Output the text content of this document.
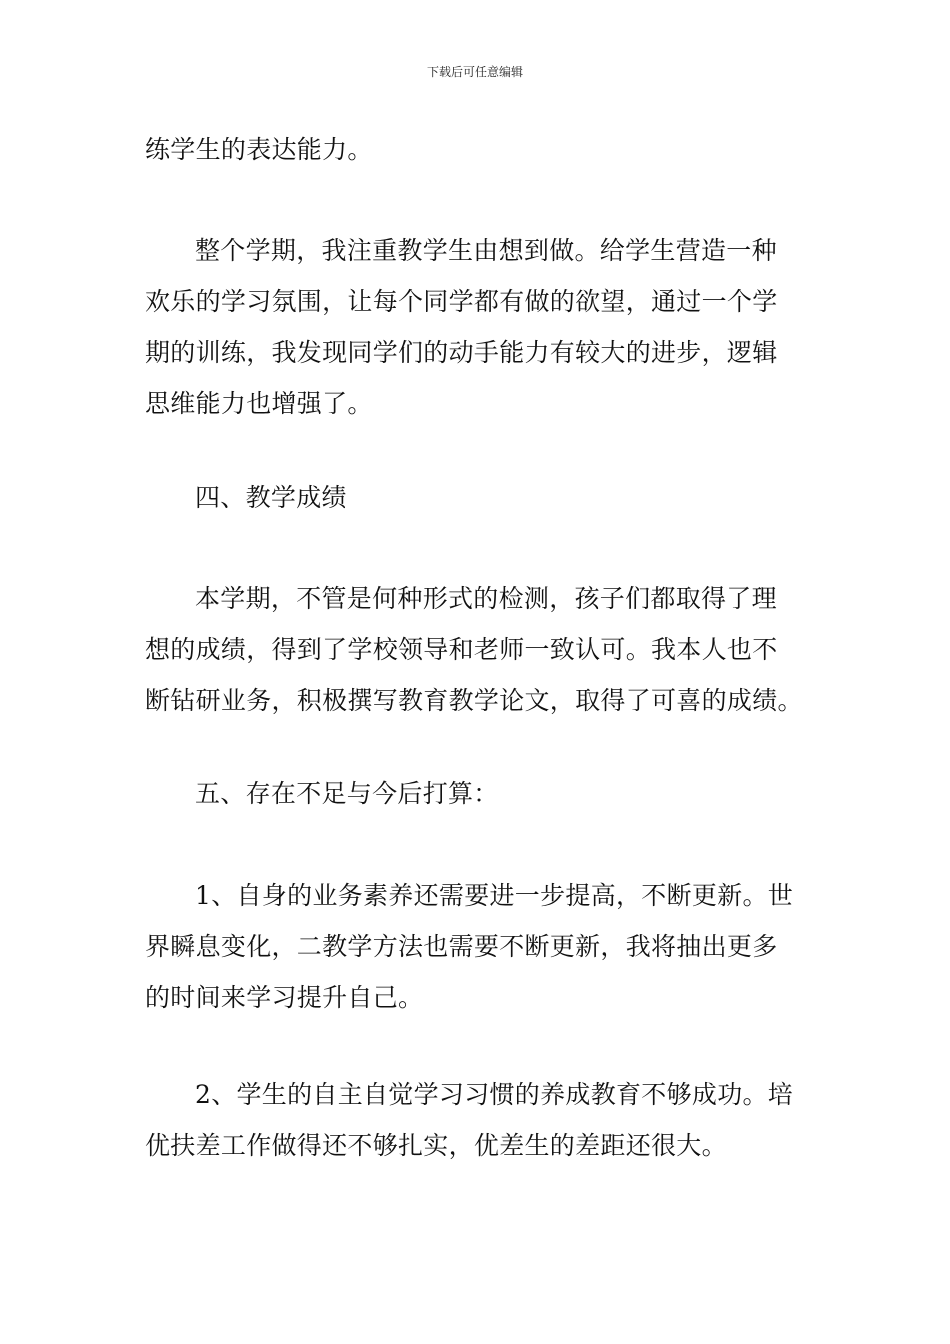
下载后可任意编辑
练学生的表达能力。
整个学期，我注重教学生由想到做。给学生营造一种
欢乐的学习氛围，让每个同学都有做的欲望，通过一个学
期的训练，我发现同学们的动手能力有较大的进步，逻辑
思维能力也增强了。
四、教学成绩
本学期，不管是何种形式的检测，孩子们都取得了理
想的成绩，得到了学校领导和老师一致认可。我本人也不
断钻研业务，积极撰写教育教学论文，取得了可喜的成绩。
五、存在不足与今后打算：
1、自身的业务素养还需要进一步提高，不断更新。世
界瞬息变化，二教学方法也需要不断更新，我将抽出更多
的时间来学习提升自己。
2、学生的自主自觉学习习惯的养成教育不够成功。培
优扶差工作做得还不够扎实，优差生的差距还很大。
